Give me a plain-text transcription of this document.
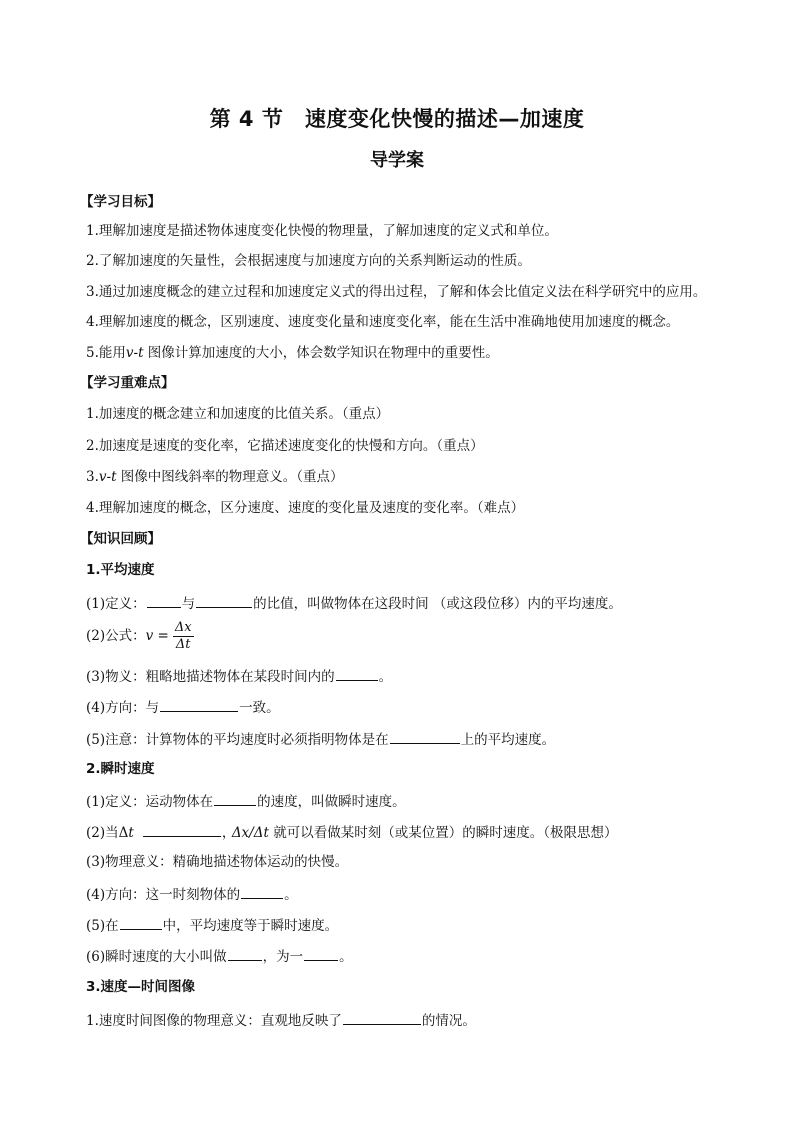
第 4 节　速度变化快慢的描述—加速度
导学案
【学习目标】
1.理解加速度是描述物体速度变化快慢的物理量，了解加速度的定义式和单位。
2.了解加速度的矢量性，会根据速度与加速度方向的关系判断运动的性质。
3.通过加速度概念的建立过程和加速度定义式的得出过程，了解和体会比值定义法在科学研究中的应用。
4.理解加速度的概念，区别速度、速度变化量和速度变化率，能在生活中准确地使用加速度的概念。
5.能用v-t 图像计算加速度的大小，体会数学知识在物理中的重要性。
【学习重难点】
1.加速度的概念建立和加速度的比值关系。（重点）
2.加速度是速度的变化率，它描述速度变化的快慢和方向。（重点）
3.v-t 图像中图线斜率的物理意义。（重点）
4.理解加速度的概念，区分速度、速度的变化量及速度的变化率。（难点）
【知识回顾】
1.平均速度
(1)定义：	与	的比值，叫做物体在这段时间 （或这段位移）内的平均速度。
(2)公式：$v = \frac{\Delta x}{\Delta t}$
(3)物义：粗略地描述物体在某段时间内的	。
(4)方向：与	一致。
(5)注意：计算物体的平均速度时必须指明物体是在	上的平均速度。
2.瞬时速度
(1)定义：运动物体在	的速度，叫做瞬时速度。
(2)当Δt	，Δx/Δt 就可以看做某时刻（或某位置）的瞬时速度。（极限思想）
(3)物理意义：精确地描述物体运动的快慢。
(4)方向：这一时刻物体的	。
(5)在	中，平均速度等于瞬时速度。
(6)瞬时速度的大小叫做	，为一	。
3.速度—时间图像
1.速度时间图像的物理意义：直观地反映了	的情况。
